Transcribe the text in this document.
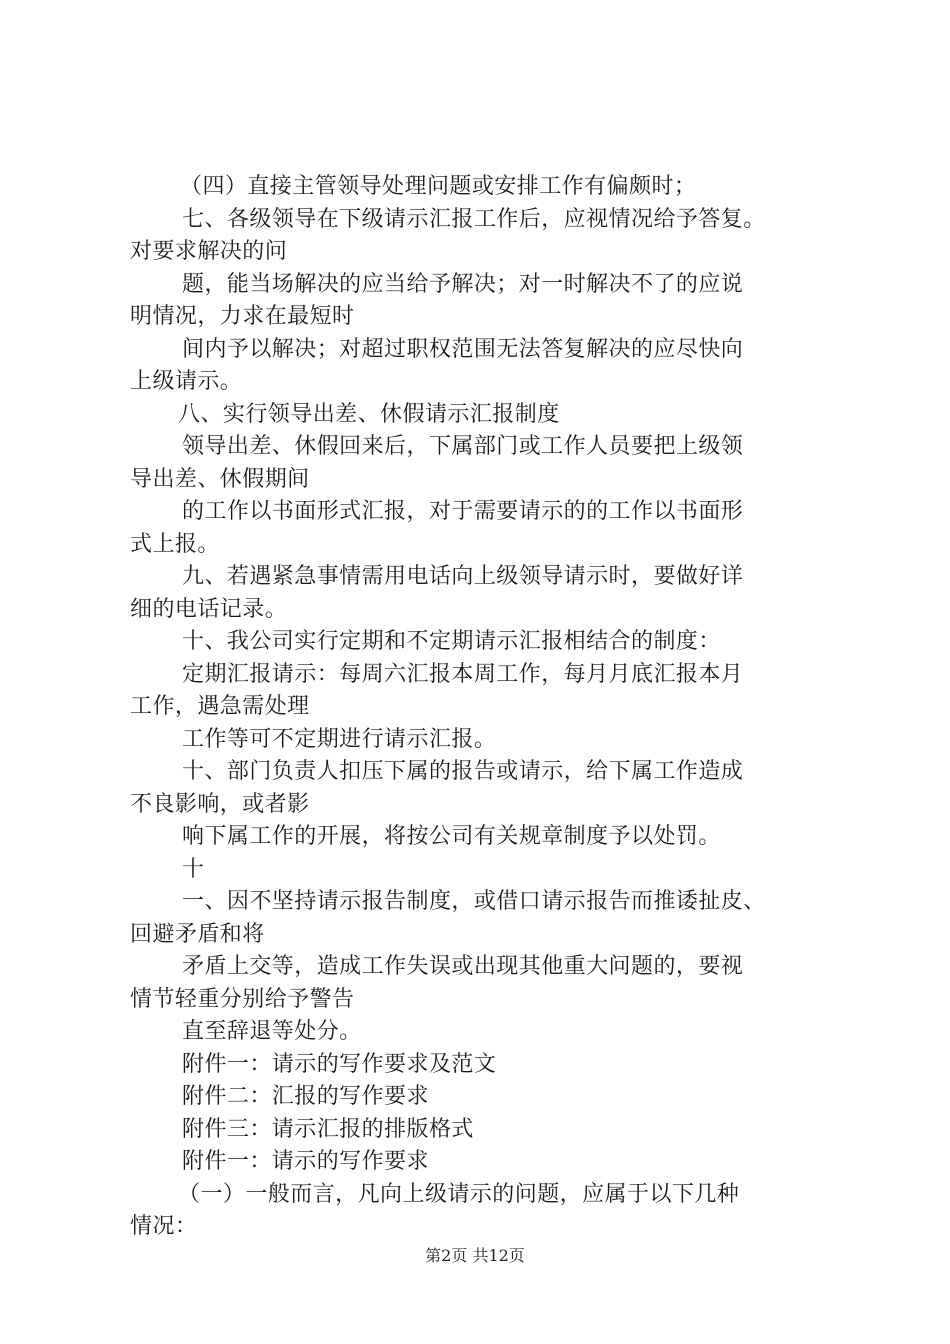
（四）直接主管领导处理问题或安排工作有偏颇时；
七、各级领导在下级请示汇报工作后，应视情况给予答复。
对要求解决的问
题，能当场解决的应当给予解决；对一时解决不了的应说
明情况，力求在最短时
间内予以解决；对超过职权范围无法答复解决的应尽快向
上级请示。
八、实行领导出差、休假请示汇报制度
领导出差、休假回来后，下属部门或工作人员要把上级领
导出差、休假期间
的工作以书面形式汇报，对于需要请示的的工作以书面形
式上报。
九、若遇紧急事情需用电话向上级领导请示时，要做好详
细的电话记录。
十、我公司实行定期和不定期请示汇报相结合的制度：
定期汇报请示：每周六汇报本周工作，每月月底汇报本月
工作，遇急需处理
工作等可不定期进行请示汇报。
十、部门负责人扣压下属的报告或请示，给下属工作造成
不良影响，或者影
响下属工作的开展，将按公司有关规章制度予以处罚。
十
一、因不坚持请示报告制度，或借口请示报告而推诿扯皮、
回避矛盾和将
矛盾上交等，造成工作失误或出现其他重大问题的，要视
情节轻重分别给予警告
直至辞退等处分。
附件一：请示的写作要求及范文
附件二：汇报的写作要求
附件三：请示汇报的排版格式
附件一：请示的写作要求
（一）一般而言，凡向上级请示的问题，应属于以下几种
情况：
第2页 共12页
